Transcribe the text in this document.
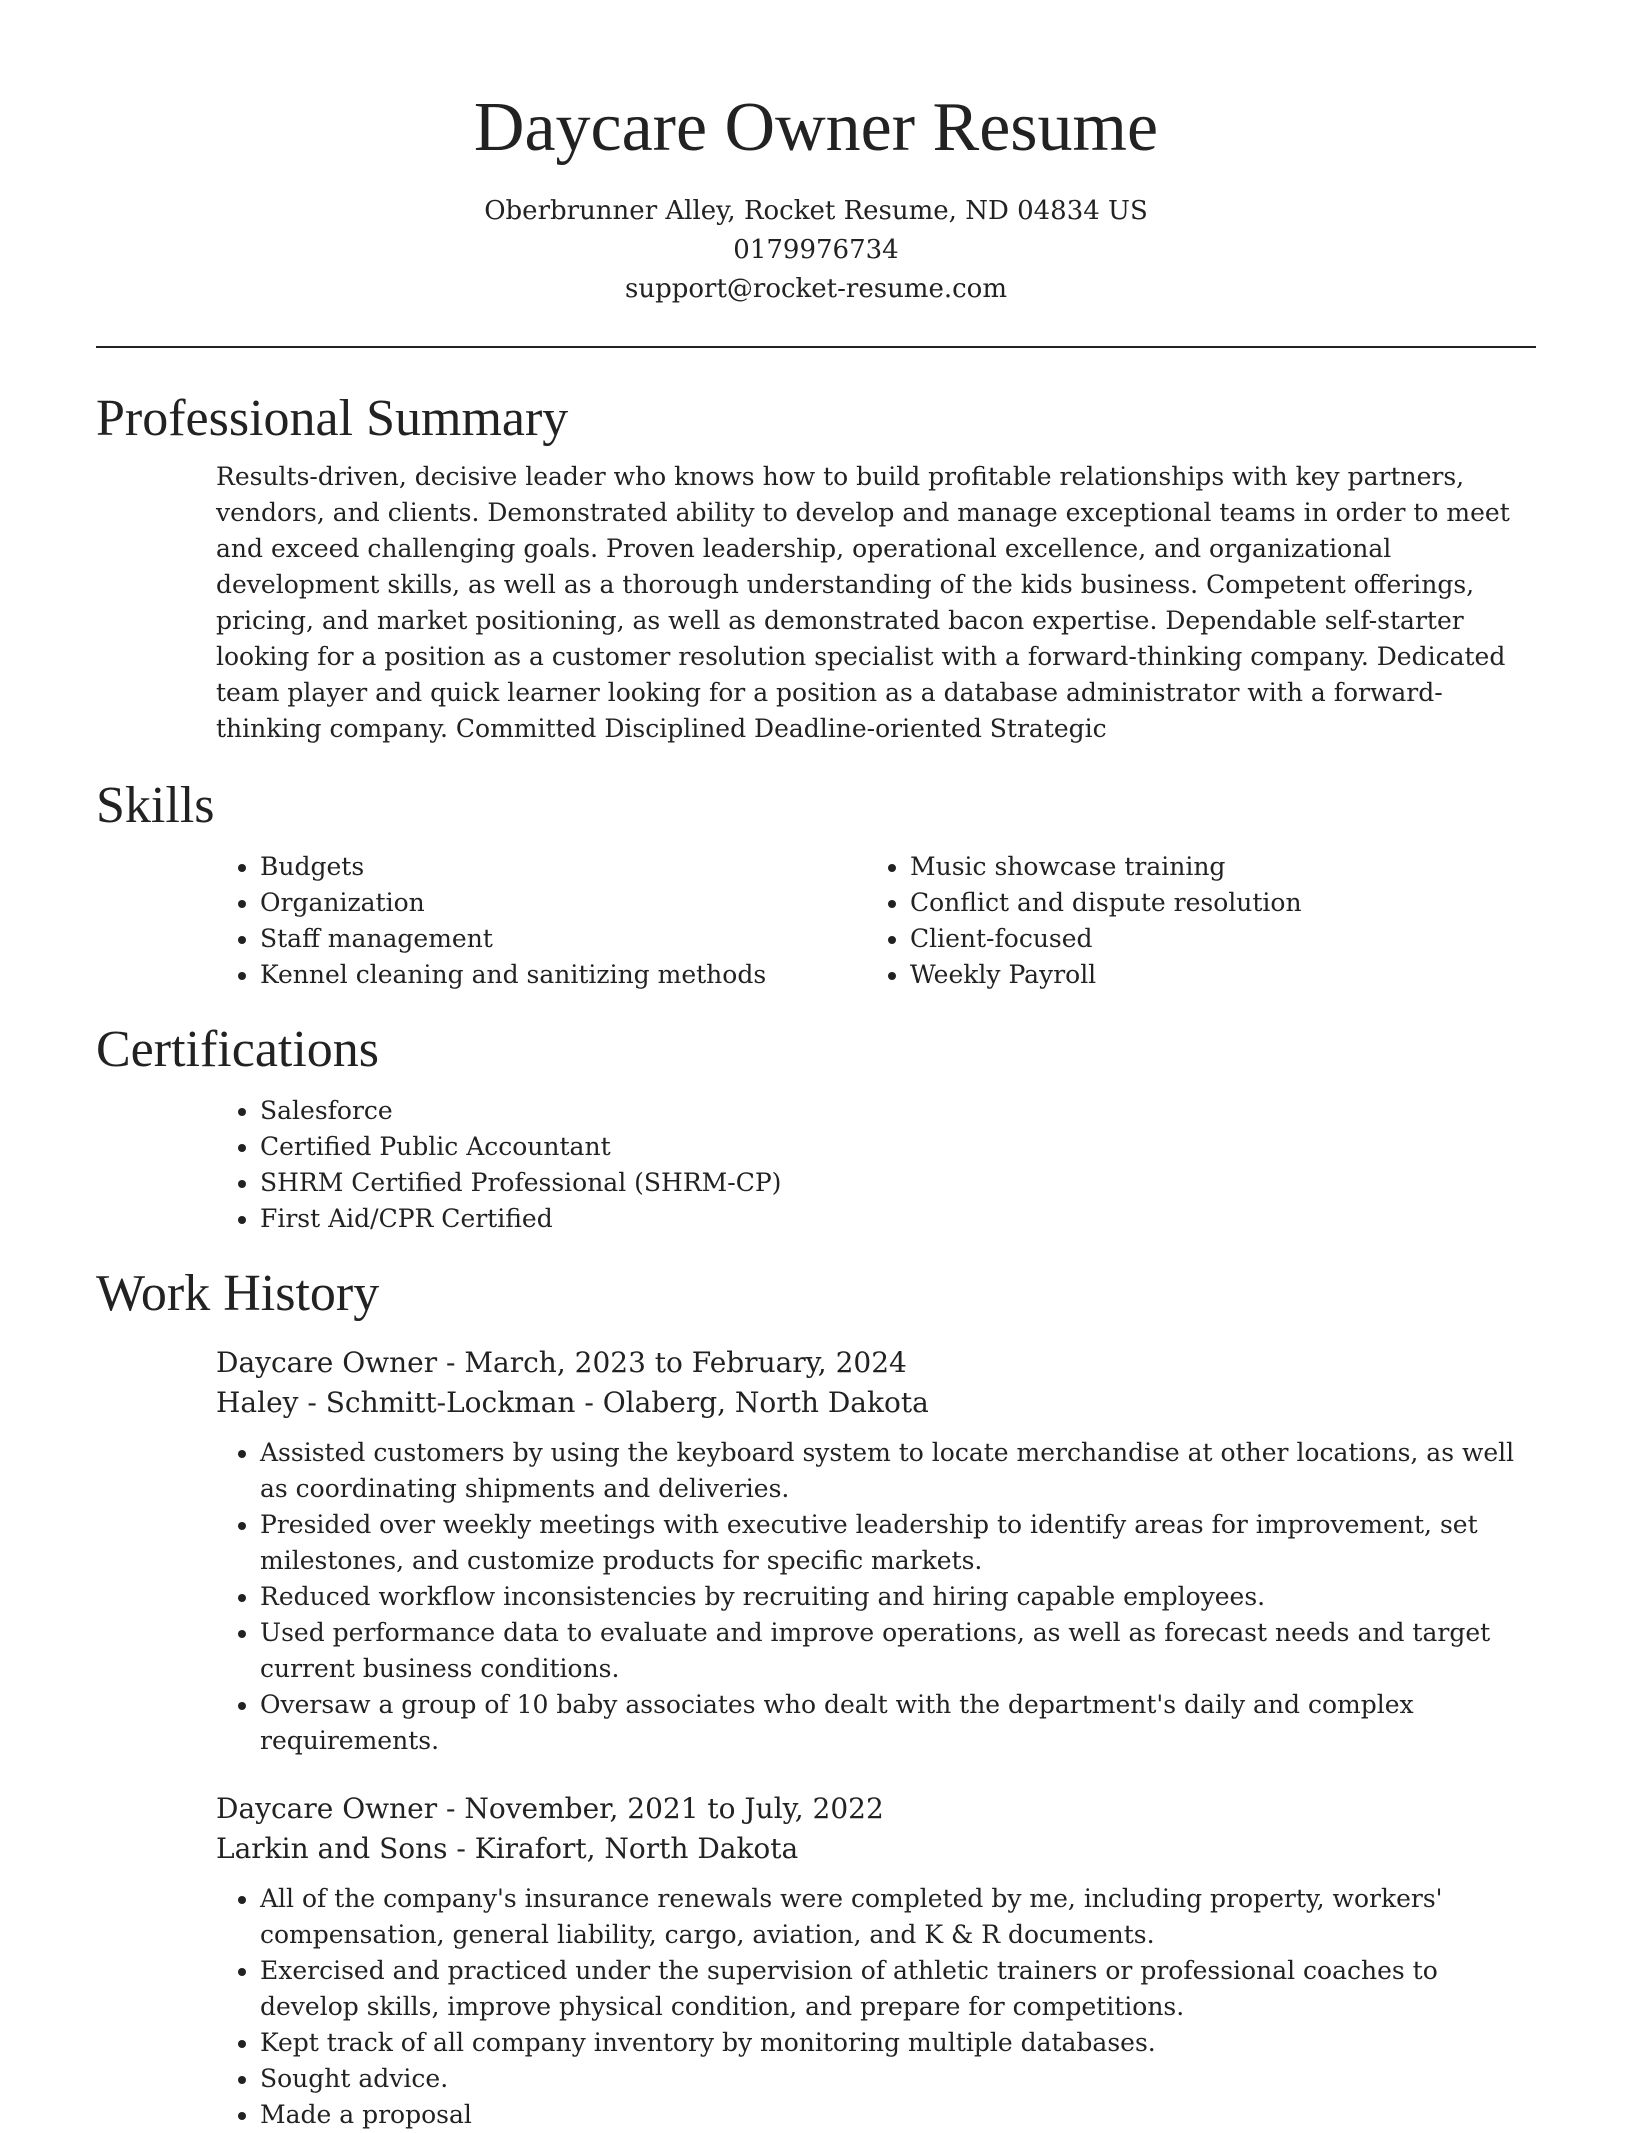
Daycare Owner Resume
Oberbrunner Alley, Rocket Resume, ND 04834 US
0179976734
support@rocket-resume.com
Professional Summary

Results-driven, decisive leader who knows how to build profitable relationships with key partners, vendors, and clients. Demonstrated ability to develop and manage exceptional teams in order to meet and exceed challenging goals. Proven leadership, operational excellence, and organizational development skills, as well as a thorough understanding of the kids business. Competent offerings, pricing, and market positioning, as well as demonstrated bacon expertise. Dependable self-starter looking for a position as a customer resolution specialist with a forward-thinking company. Dedicated team player and quick learner looking for a position as a database administrator with a forward-thinking company. Committed Disciplined Deadline-oriented Strategic

Skills
• Budgets
• Organization
• Staff management
• Kennel cleaning and sanitizing methods
• Music showcase training
• Conflict and dispute resolution
• Client-focused
• Weekly Payroll
Certifications
• Salesforce
• Certified Public Accountant
• SHRM Certified Professional (SHRM-CP)
• First Aid/CPR Certified
Work History
Daycare Owner - March, 2023 to February, 2024
Haley - Schmitt-Lockman - Olaberg, North Dakota
• Assisted customers by using the keyboard system to locate merchandise at other locations, as well as coordinating shipments and deliveries.
• Presided over weekly meetings with executive leadership to identify areas for improvement, set milestones, and customize products for specific markets.
• Reduced workflow inconsistencies by recruiting and hiring capable employees.
• Used performance data to evaluate and improve operations, as well as forecast needs and target current business conditions.
• Oversaw a group of 10 baby associates who dealt with the department's daily and complex requirements.
Daycare Owner - November, 2021 to July, 2022
Larkin and Sons - Kirafort, North Dakota
• All of the company's insurance renewals were completed by me, including property, workers' compensation, general liability, cargo, aviation, and K & R documents.
• Exercised and practiced under the supervision of athletic trainers or professional coaches to develop skills, improve physical condition, and prepare for competitions.
• Kept track of all company inventory by monitoring multiple databases.
• Sought advice.
• Made a proposal
